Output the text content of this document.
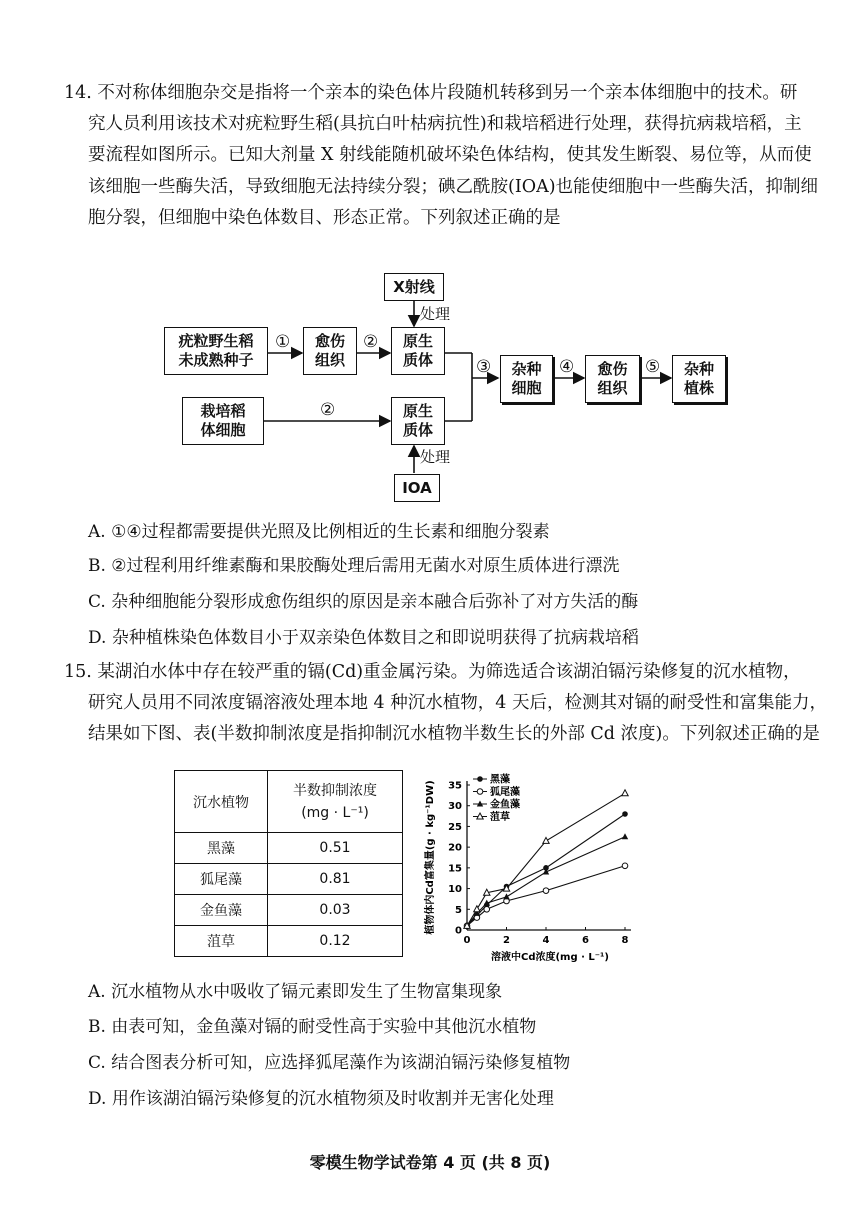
14. 不对称体细胞杂交是指将一个亲本的染色体片段随机转移到另一个亲本体细胞中的技术。研
究人员利用该技术对疣粒野生稻(具抗白叶枯病抗性)和栽培稻进行处理，获得抗病栽培稻，主
要流程如图所示。已知大剂量 X 射线能随机破坏染色体结构，使其发生断裂、易位等，从而使
该细胞一些酶失活，导致细胞无法持续分裂；碘乙酰胺(IOA)也能使细胞中一些酶失活，抑制细
胞分裂，但细胞中染色体数目、形态正常。下列叙述正确的是
X射线
处理
疣粒野生稻
未成熟种子
① 愈伤
组织
② 原生
质体
栽培稻
体细胞
②	原生
质体
处理
IOA
③ 杂种
细胞
④ 愈伤
组织
⑤ 杂种
植株
A. ①④过程都需要提供光照及比例相近的生长素和细胞分裂素
B. ②过程利用纤维素酶和果胶酶处理后需用无菌水对原生质体进行漂洗
C. 杂种细胞能分裂形成愈伤组织的原因是亲本融合后弥补了对方失活的酶
D. 杂种植株染色体数目小于双亲染色体数目之和即说明获得了抗病栽培稻
15. 某湖泊水体中存在较严重的镉(Cd)重金属污染。为筛选适合该湖泊镉污染修复的沉水植物，
研究人员用不同浓度镉溶液处理本地 4 种沉水植物，4 天后，检测其对镉的耐受性和富集能力，
结果如下图、表(半数抑制浓度是指抑制沉水植物半数生长的外部 Cd 浓度)。下列叙述正确的是
沉水植物	半数抑制浓度
(mg · L⁻¹)

黑藻	0.51
狐尾藻	0.81
金鱼藻	0.03
菹草	0.12	0	2	4	6	8
0
5
10
15
20
25
30
35
溶液中Cd浓度(mg · L⁻¹)
植物体内Cd富集量(g · kg⁻¹DW)
黑藻
狐尾藻
金鱼藻
菹草
A. 沉水植物从水中吸收了镉元素即发生了生物富集现象
B. 由表可知，金鱼藻对镉的耐受性高于实验中其他沉水植物
C. 结合图表分析可知，应选择狐尾藻作为该湖泊镉污染修复植物
D. 用作该湖泊镉污染修复的沉水植物须及时收割并无害化处理
零模生物学试卷第 4 页 (共 8 页)
